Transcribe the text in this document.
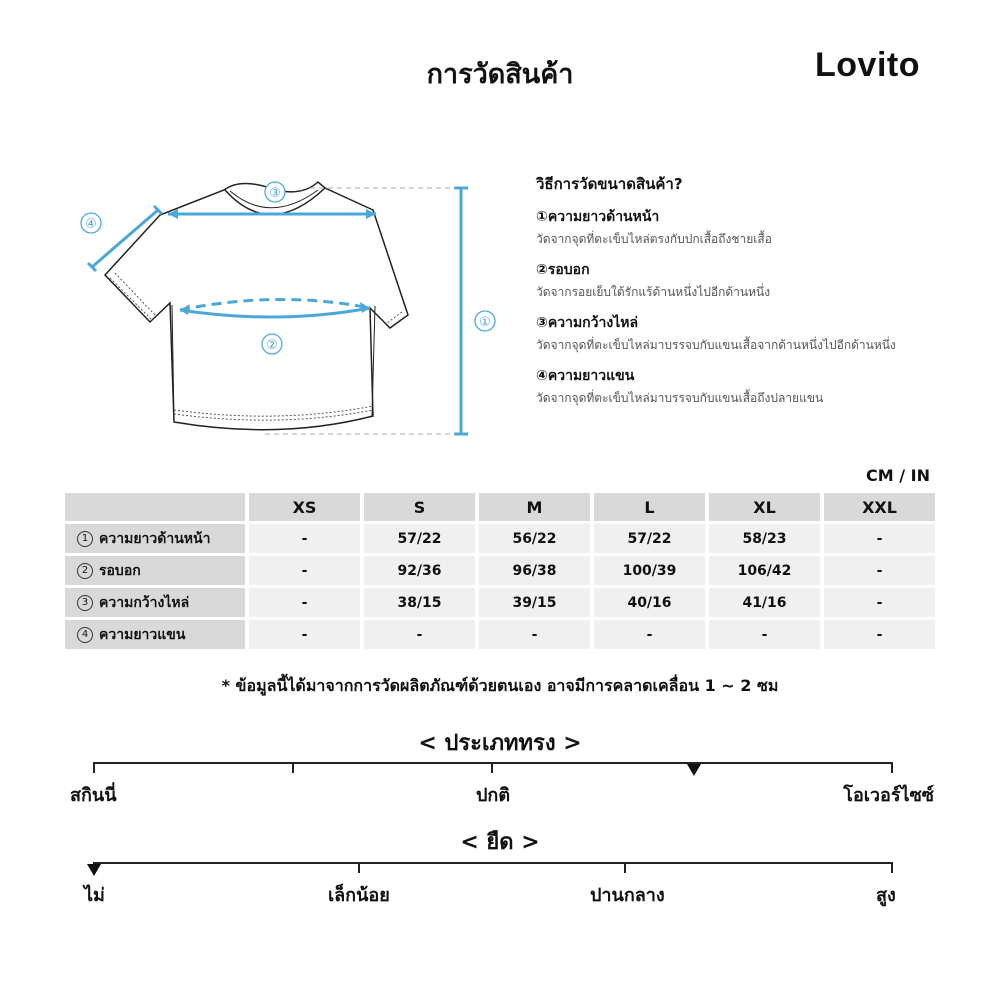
การวัดสินค้า	Lovito
③
②
①
④
วิธีการวัดขนาดสินค้า?
①ความยาวด้านหน้า
วัดจากจุดที่ตะเข็บไหล่ตรงกับปกเสื้อถึงชายเสื้อ
②รอบอก
วัดจากรอยเย็บใต้รักแร้ด้านหนึ่งไปอีกด้านหนึ่ง
③ความกว้างไหล่
วัดจากจุดที่ตะเข็บไหล่มาบรรจบกับแขนเสื้อจากด้านหนึ่งไปอีกด้านหนึ่ง
④ความยาวแขน
วัดจากจุดที่ตะเข็บไหล่มาบรรจบกับแขนเสื้อถึงปลายแขน
CM / IN
	XS	S	M	L	XL	XXL
1 ความยาวด้านหน้า	-	57/22	56/22	57/22	58/23	-
2 รอบอก	-	92/36	96/38	100/39	106/42	-
3 ความกว้างไหล่	-	38/15	39/15	40/16	41/16	-
4 ความยาวแขน	-	-	-	-	-	-
* ข้อมูลนี้ได้มาจากการวัดผลิตภัณฑ์ด้วยตนเอง อาจมีการคลาดเคลื่อน 1 ~ 2 ซม
< ประเภททรง >
สกินนี่	ปกติ	โอเวอร์ไซซ์
< ยืด >
ไม่	เล็กน้อย	ปานกลาง	สูง
